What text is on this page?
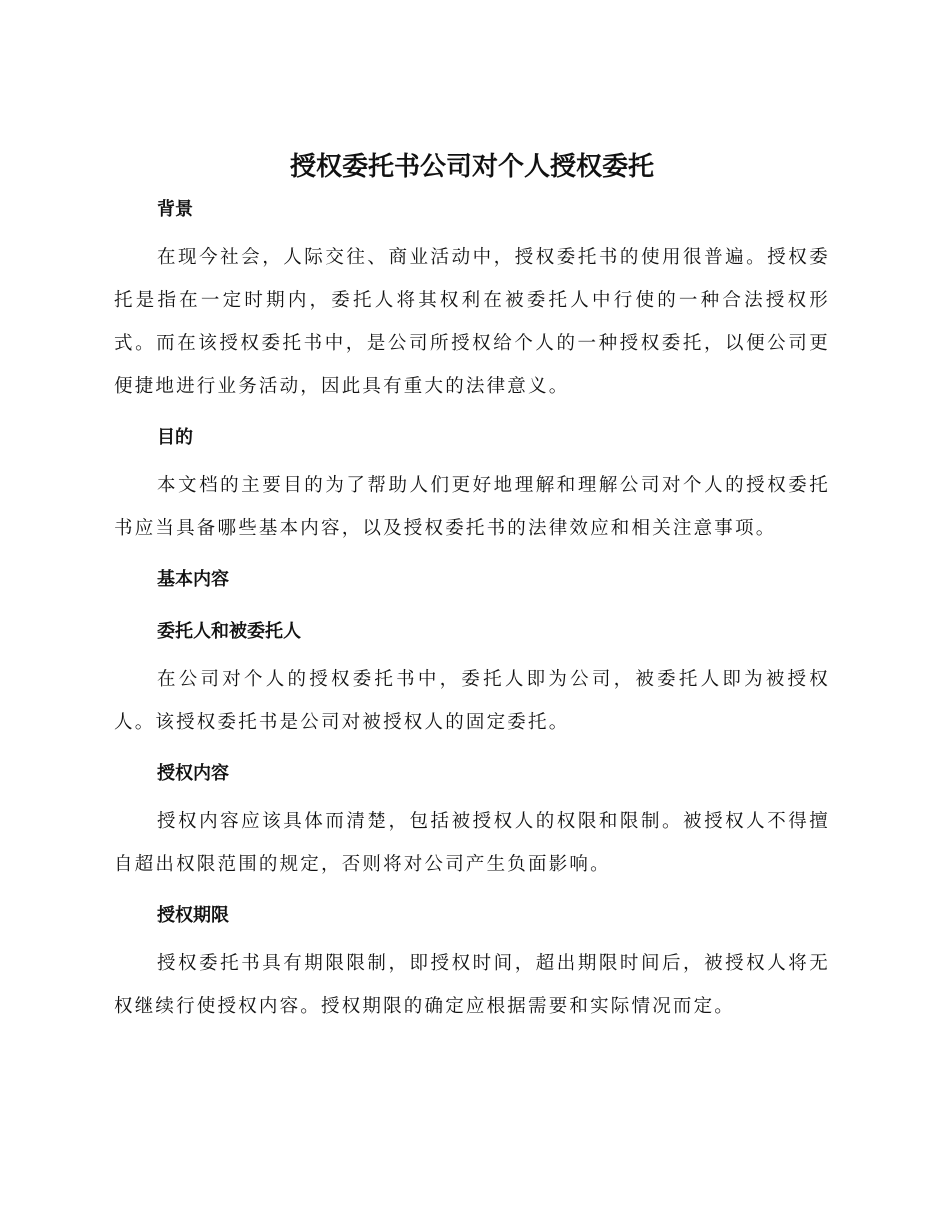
授权委托书公司对个人授权委托
背景

在现今社会，人际交往、商业活动中，授权委托书的使用很普遍。授权委托是指在一定时期内，委托人将其权利在被委托人中行使的一种合法授权形式。而在该授权委托书中，是公司所授权给个人的一种授权委托，以便公司更便捷地进行业务活动，因此具有重大的法律意义。

目的

本文档的主要目的为了帮助人们更好地理解和理解公司对个人的授权委托书应当具备哪些基本内容，以及授权委托书的法律效应和相关注意事项。

基本内容
委托人和被委托人

在公司对个人的授权委托书中，委托人即为公司，被委托人即为被授权人。该授权委托书是公司对被授权人的固定委托。

授权内容

授权内容应该具体而清楚，包括被授权人的权限和限制。被授权人不得擅自超出权限范围的规定，否则将对公司产生负面影响。

授权期限

授权委托书具有期限限制，即授权时间，超出期限时间后，被授权人将无权继续行使授权内容。授权期限的确定应根据需要和实际情况而定。
